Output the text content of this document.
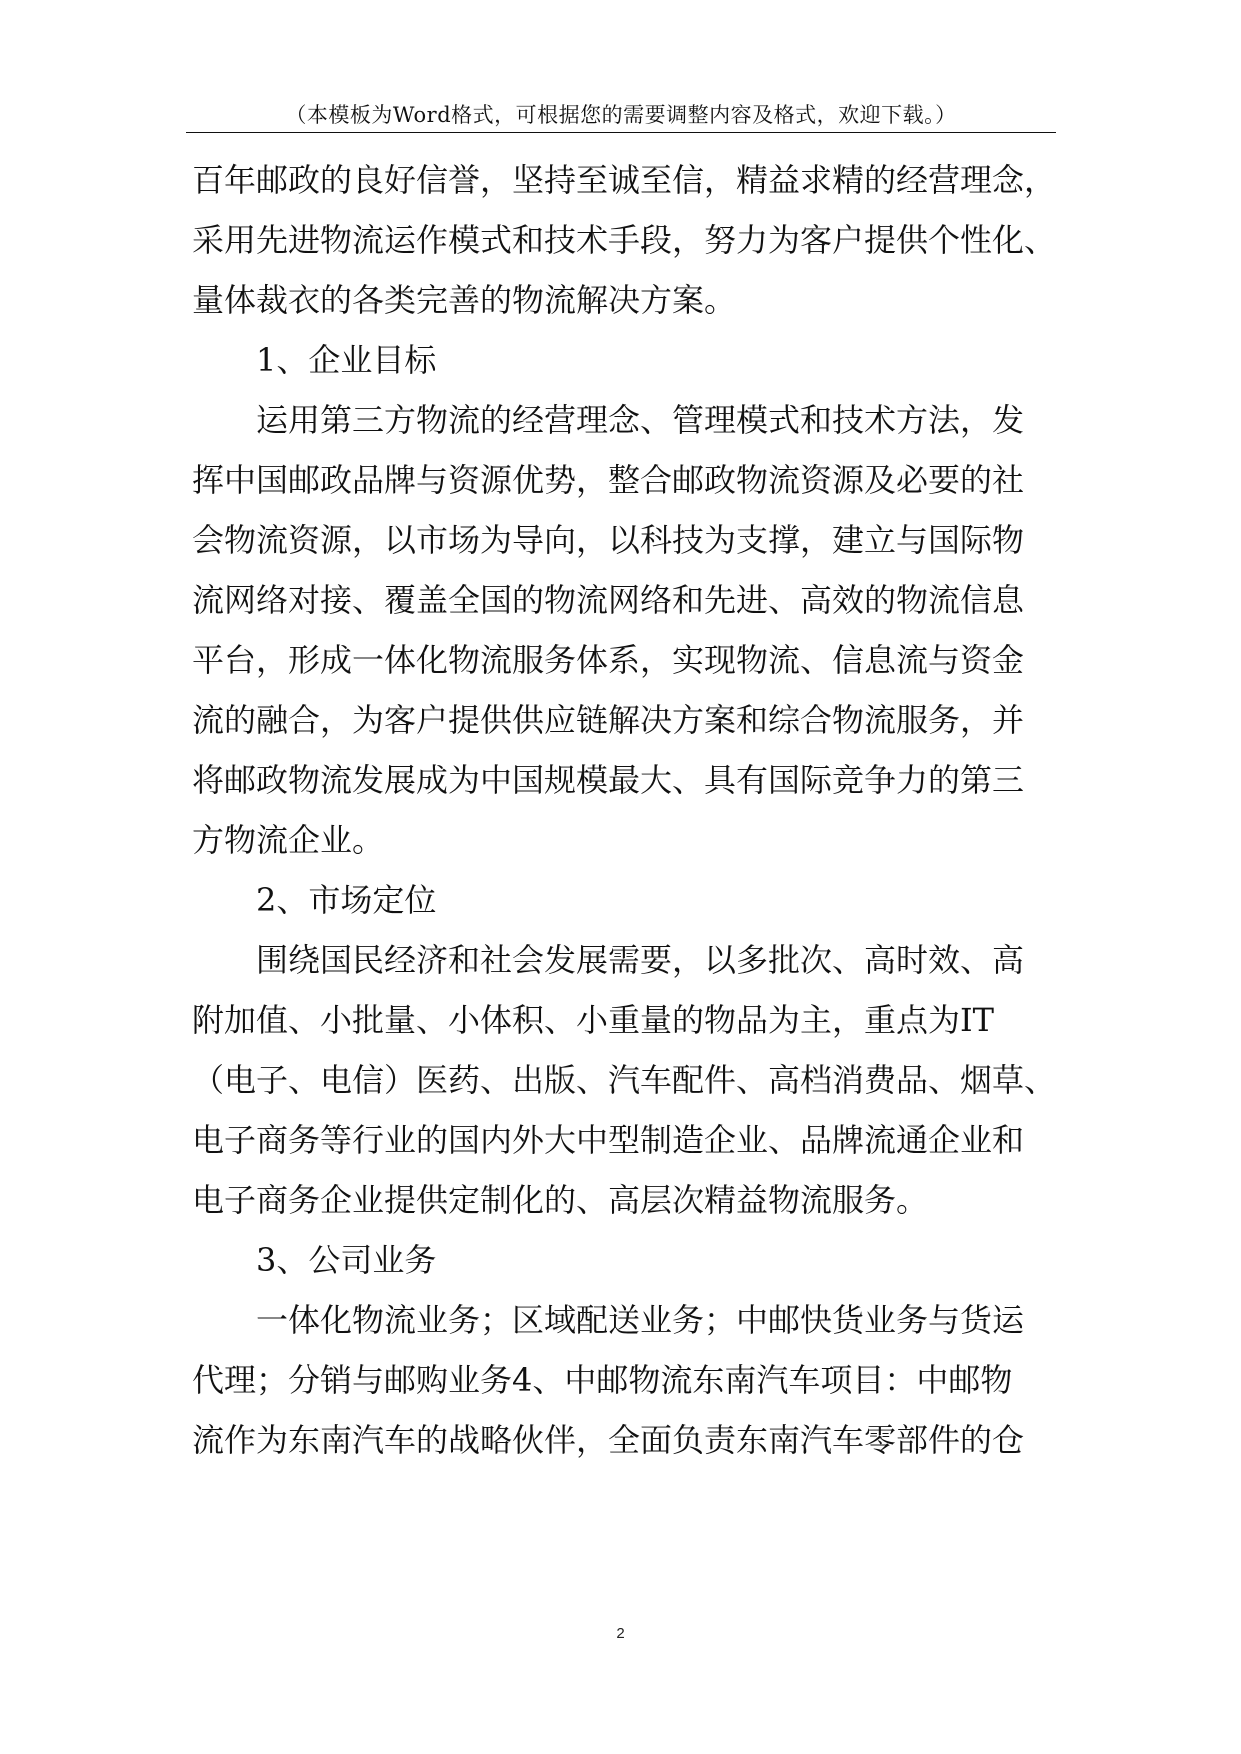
（本模板为Word格式，可根据您的需要调整内容及格式，欢迎下载。）
百年邮政的良好信誉，坚持至诚至信，精益求精的经营理念，
采用先进物流运作模式和技术手段，努力为客户提供个性化、
量体裁衣的各类完善的物流解决方案。
1、企业目标
运用第三方物流的经营理念、管理模式和技术方法，发
挥中国邮政品牌与资源优势，整合邮政物流资源及必要的社
会物流资源，以市场为导向，以科技为支撑，建立与国际物
流网络对接、覆盖全国的物流网络和先进、高效的物流信息
平台，形成一体化物流服务体系，实现物流、信息流与资金
流的融合，为客户提供供应链解决方案和综合物流服务，并
将邮政物流发展成为中国规模最大、具有国际竞争力的第三
方物流企业。
2、市场定位
围绕国民经济和社会发展需要，以多批次、高时效、高
附加值、小批量、小体积、小重量的物品为主，重点为IT
（电子、电信）医药、出版、汽车配件、高档消费品、烟草、
电子商务等行业的国内外大中型制造企业、品牌流通企业和
电子商务企业提供定制化的、高层次精益物流服务。
3、公司业务
一体化物流业务；区域配送业务；中邮快货业务与货运
代理；分销与邮购业务4、中邮物流东南汽车项目：中邮物
流作为东南汽车的战略伙伴，全面负责东南汽车零部件的仓
2
